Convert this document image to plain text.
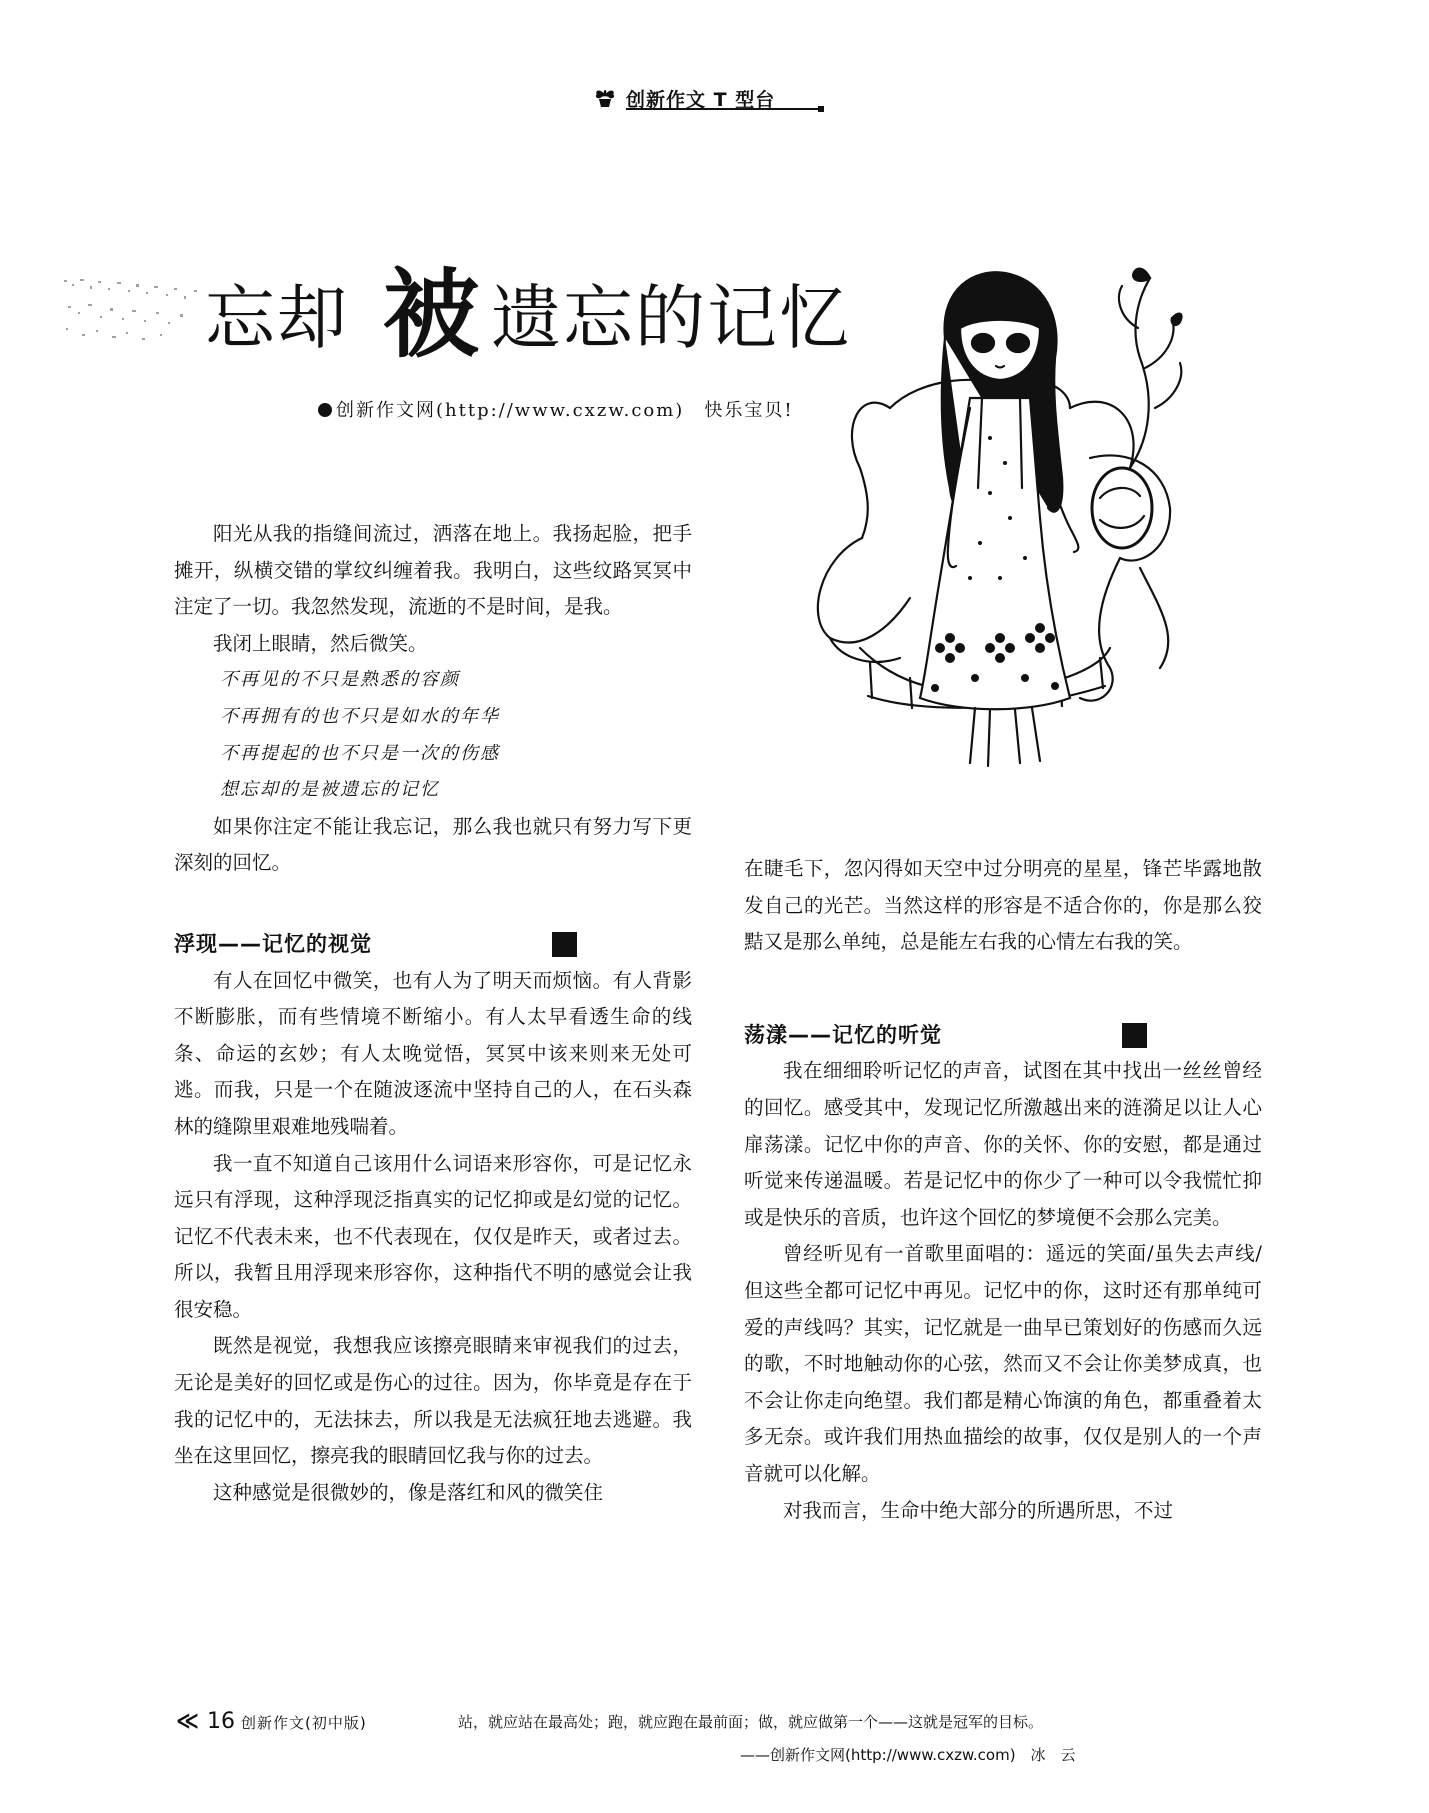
创新作文 T 型台
忘却 被 遗忘的记忆
创新作文网(http://www.cxzw.com)　快乐宝贝!

阳光从我的指缝间流过，洒落在地上。我扬起脸，把手摊开，纵横交错的掌纹纠缠着我。我明白，这些纹路冥冥中注定了一切。我忽然发现，流逝的不是时间，是我。

我闭上眼睛，然后微笑。

不再见的不只是熟悉的容颜
不再拥有的也不只是如水的年华
不再提起的也不只是一次的伤感
想忘却的是被遗忘的记忆

如果你注定不能让我忘记，那么我也就只有努力写下更深刻的回忆。

浮现——记忆的视觉

有人在回忆中微笑，也有人为了明天而烦恼。有人背影不断膨胀，而有些情境不断缩小。有人太早看透生命的线条、命运的玄妙；有人太晚觉悟，冥冥中该来则来无处可逃。而我，只是一个在随波逐流中坚持自己的人，在石头森林的缝隙里艰难地残喘着。

我一直不知道自己该用什么词语来形容你，可是记忆永远只有浮现，这种浮现泛指真实的记忆抑或是幻觉的记忆。记忆不代表未来，也不代表现在，仅仅是昨天，或者过去。所以，我暂且用浮现来形容你，这种指代不明的感觉会让我很安稳。

既然是视觉，我想我应该擦亮眼睛来审视我们的过去，无论是美好的回忆或是伤心的过往。因为，你毕竟是存在于我的记忆中的，无法抹去，所以我是无法疯狂地去逃避。我坐在这里回忆，擦亮我的眼睛回忆我与你的过去。

这种感觉是很微妙的，像是落红和风的微笑住

在睫毛下，忽闪得如天空中过分明亮的星星，锋芒毕露地散发自己的光芒。当然这样的形容是不适合你的，你是那么狡黠又是那么单纯，总是能左右我的心情左右我的笑。

荡漾——记忆的听觉

我在细细聆听记忆的声音，试图在其中找出一丝丝曾经的回忆。感受其中，发现记忆所激越出来的涟漪足以让人心扉荡漾。记忆中你的声音、你的关怀、你的安慰，都是通过听觉来传递温暖。若是记忆中的你少了一种可以令我慌忙抑或是快乐的音质，也许这个回忆的梦境便不会那么完美。

曾经听见有一首歌里面唱的：遥远的笑面/虽失去声线/但这些全都可记忆中再见。记忆中的你，这时还有那单纯可爱的声线吗？其实，记忆就是一曲早已策划好的伤感而久远的歌，不时地触动你的心弦，然而又不会让你美梦成真，也不会让你走向绝望。我们都是精心饰演的角色，都重叠着太多无奈。或许我们用热血描绘的故事，仅仅是别人的一个声音就可以化解。

对我而言，生命中绝大部分的所遇所思，不过

≪ 16 创新作文(初中版)	站，就应站在最高处；跑，就应跑在最前面；做，就应做第一个——这就是冠军的目标。
——创新作文网(http://www.cxzw.com)　冰　云
